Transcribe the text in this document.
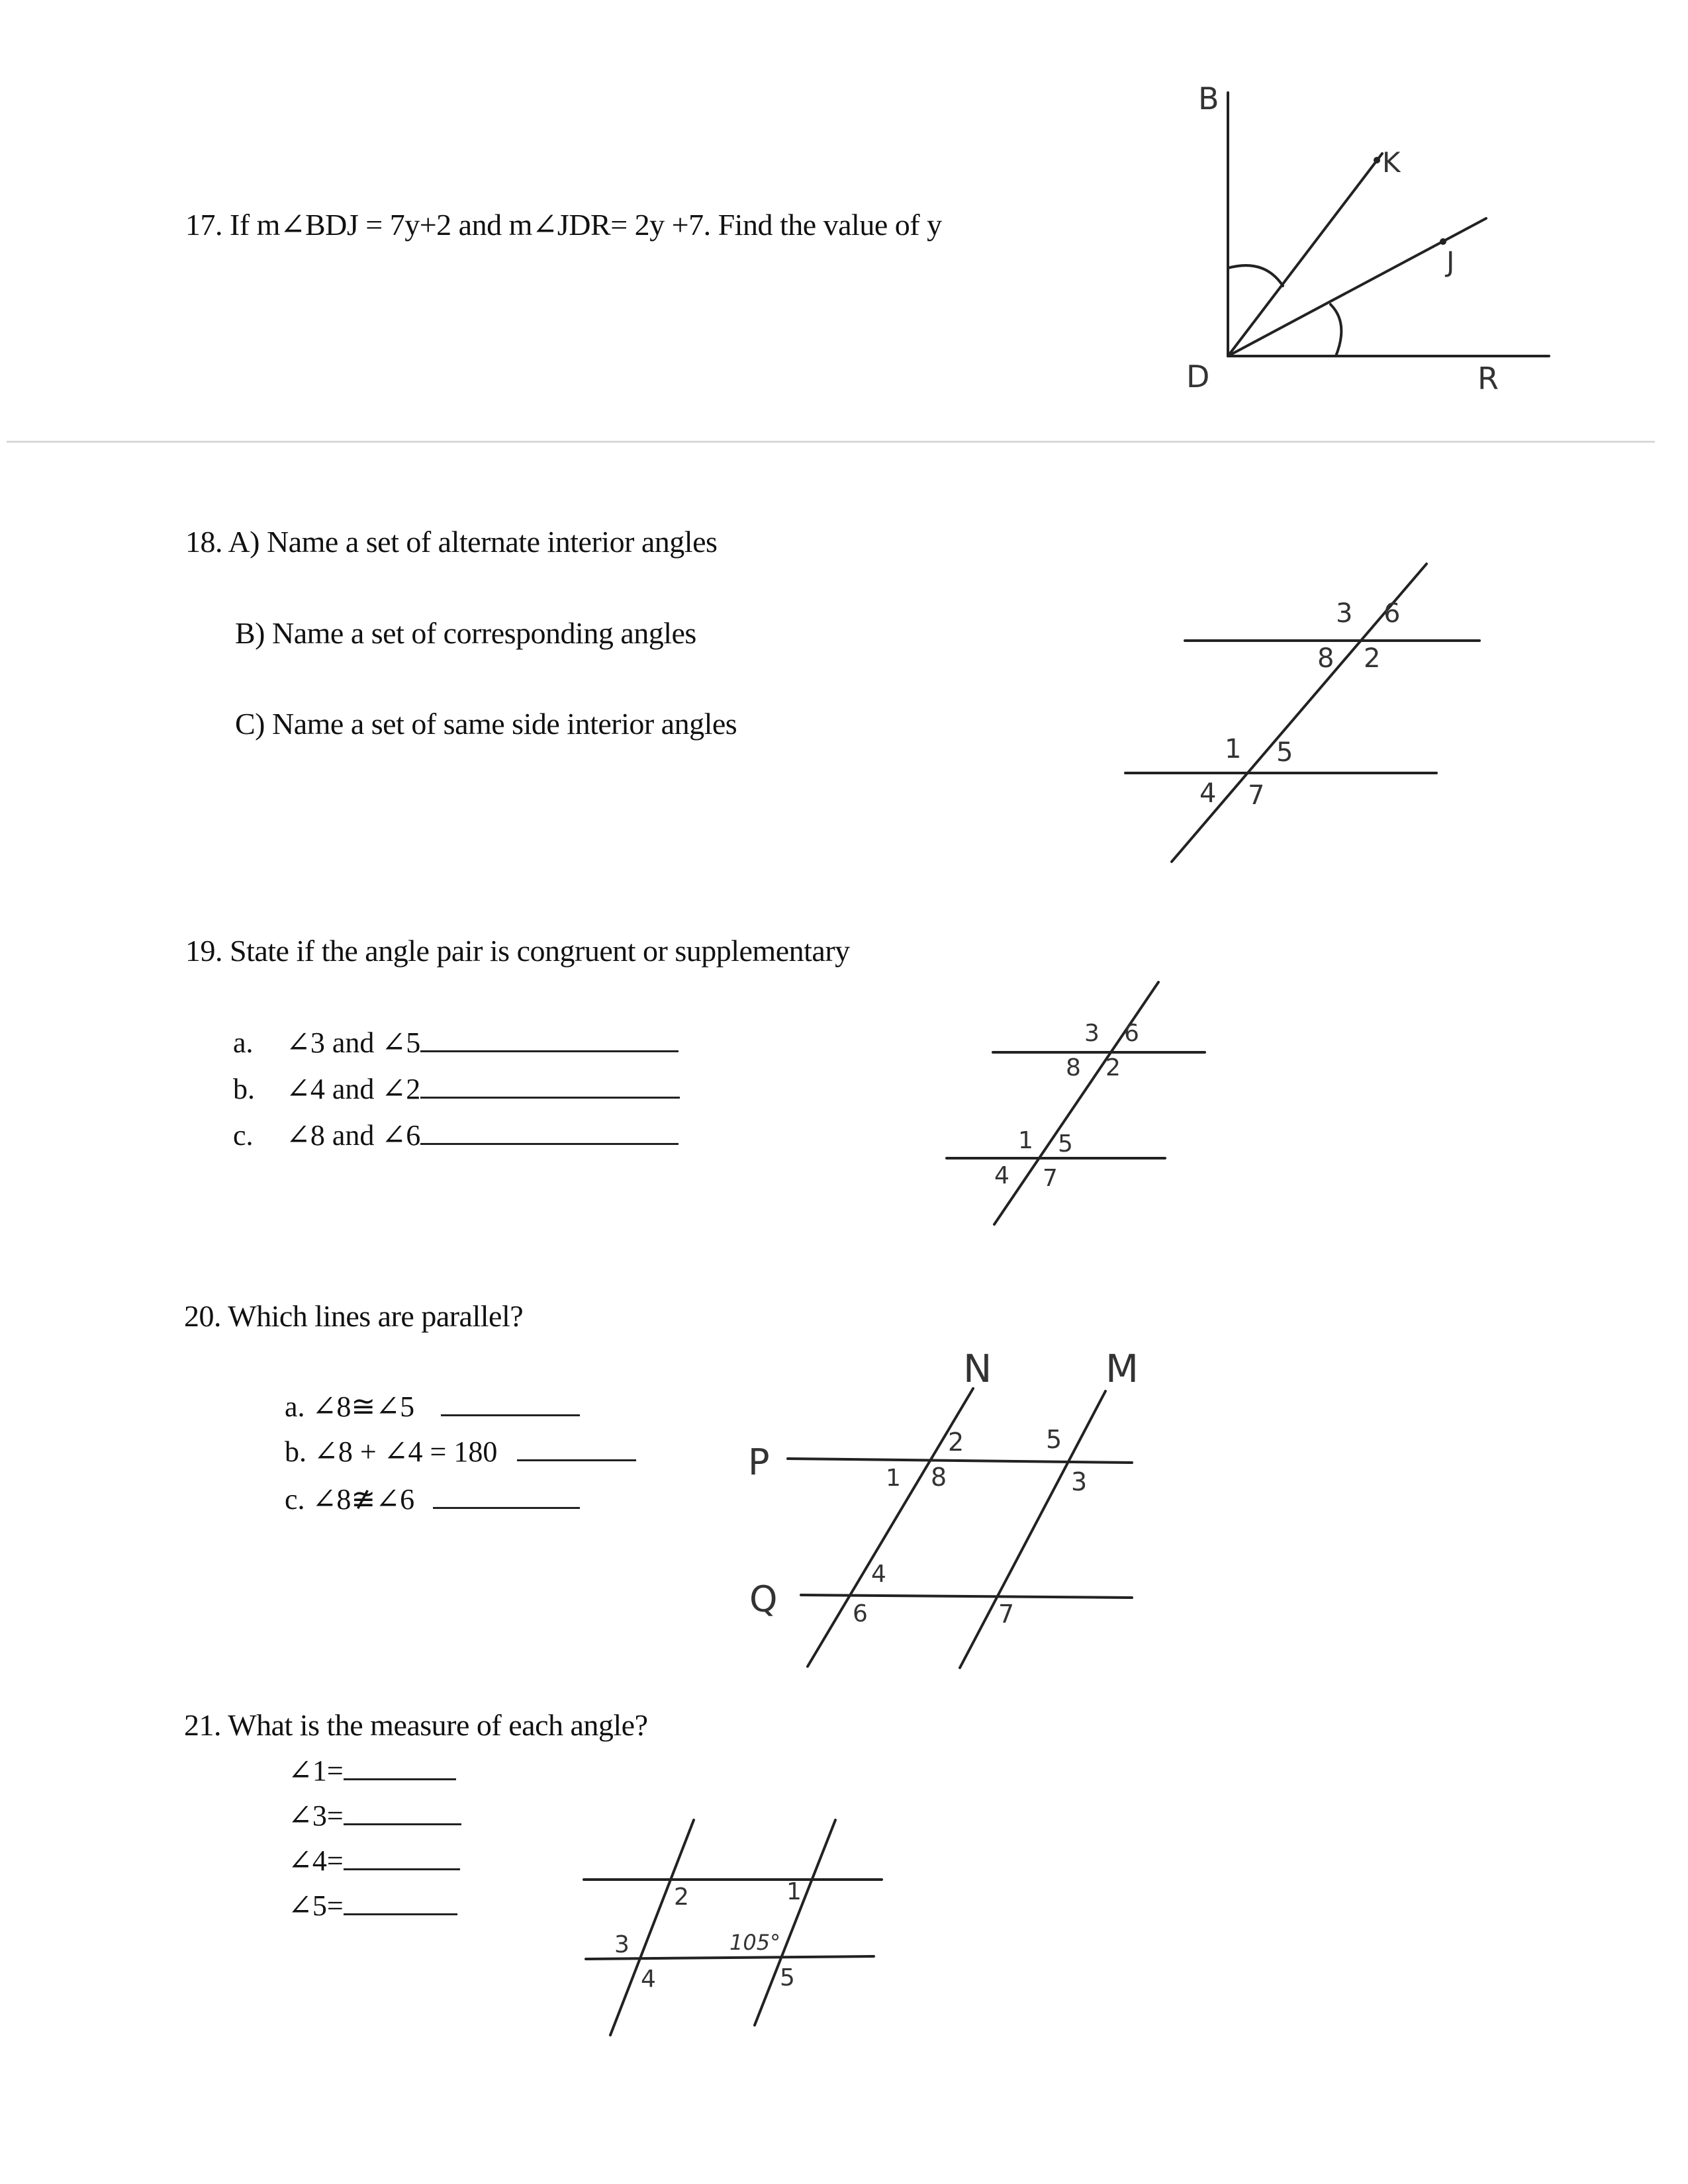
17. If m∠BDJ = 7y+2 and m∠JDR= 2y +7. Find the value of y
B
K
J
D	R
18. A) Name a set of alternate interior angles
B) Name a set of corresponding angles
C) Name a set of same side interior angles
3 6
8 2
1 5
4 7
19. State if the angle pair is congruent or supplementary
a. ∠3 and ∠5
b. ∠4 and ∠2
c. ∠8 and ∠6
3 6
8 2
1 5
4 7
20. Which lines are parallel?
a. ∠8≅∠5
b. ∠8 + ∠4 = 180
c. ∠8≇∠6
N	M
P
Q
2	5
1 8	3
4
6	7
21. What is the measure of each angle?
∠1=
∠3=
∠4=
∠5=	2	1
3	105°
4	5
